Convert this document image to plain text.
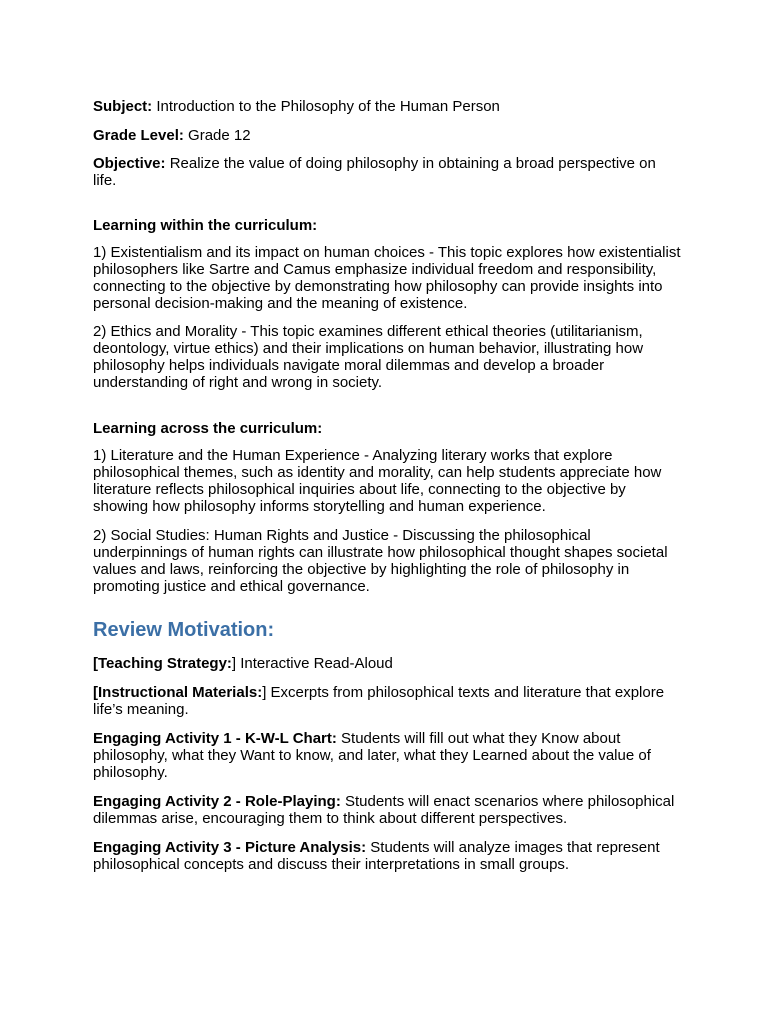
Subject: Introduction to the Philosophy of the Human Person

Grade Level: Grade 12

Objective: Realize the value of doing philosophy in obtaining a broad perspective on life.

Learning within the curriculum:

1) Existentialism and its impact on human choices - This topic explores how existentialist philosophers like Sartre and Camus emphasize individual freedom and responsibility, connecting to the objective by demonstrating how philosophy can provide insights into personal decision-making and the meaning of existence.

2) Ethics and Morality - This topic examines different ethical theories (utilitarianism, deontology, virtue ethics) and their implications on human behavior, illustrating how philosophy helps individuals navigate moral dilemmas and develop a broader understanding of right and wrong in society.

Learning across the curriculum:

1) Literature and the Human Experience - Analyzing literary works that explore philosophical themes, such as identity and morality, can help students appreciate how literature reflects philosophical inquiries about life, connecting to the objective by showing how philosophy informs storytelling and human experience.

2) Social Studies: Human Rights and Justice - Discussing the philosophical underpinnings of human rights can illustrate how philosophical thought shapes societal values and laws, reinforcing the objective by highlighting the role of philosophy in promoting justice and ethical governance.

Review Motivation:

[Teaching Strategy:] Interactive Read-Aloud

[Instructional Materials:] Excerpts from philosophical texts and literature that explore life’s meaning.

Engaging Activity 1 - K-W-L Chart: Students will fill out what they Know about philosophy, what they Want to know, and later, what they Learned about the value of philosophy.

Engaging Activity 2 - Role-Playing: Students will enact scenarios where philosophical dilemmas arise, encouraging them to think about different perspectives.

Engaging Activity 3 - Picture Analysis: Students will analyze images that represent philosophical concepts and discuss their interpretations in small groups.
